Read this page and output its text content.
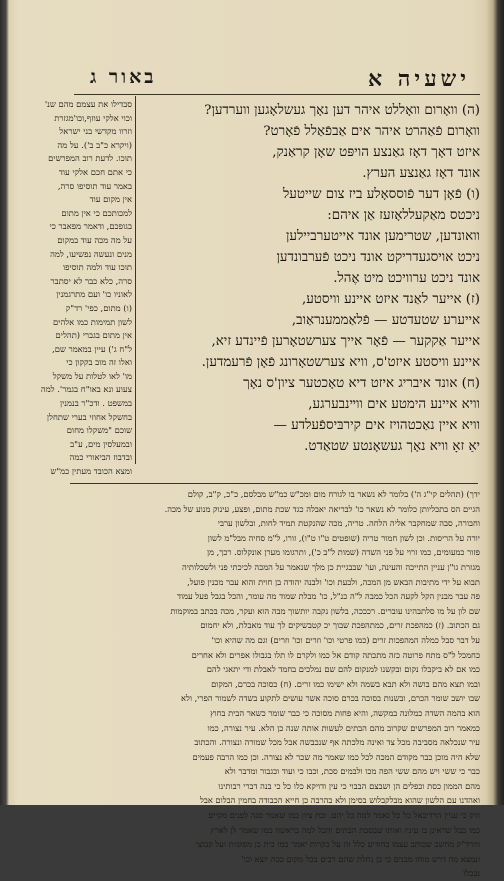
ישעיה א
באור ג
(ה) וואָרום וואָללט איהר דען נאָך געשלאָגען ווערדען?
וואָרום פֿאַהרט איהר אים אַבפֿאַלל פֿאָרט?
איזט דאָך דאָז גאַנצע הויפּט שאָן קראַנק,
אונד דאָז גאַנצע הערץ.
(ו) פֿאָן דער פֿוססאָלע ביז צום שייטעל
ניכטס מאַקעללאָזעז אַן איהם:
וואונדען, שטרימען אונד אייטערביילען
ניכט אויסגעדריקט אונד ניכט פֿערבונדען
אונד ניכט ערוויכט מיט אֶהל.
(ז) אייער לאַנד איזט איינע וויסטע,
אייערע שטעדטע — פֿלאַממענראַוב,
אייער אַקקער — פֿאָר אייך צערשטאָרען פֿיינדע זיא,
איינע וויסטע איזט'ס, וויא צערשטאָרונג פֿאָן פֿרעמדען.
(ח) אונד איבריג איזט דיא טאָכטער ציון'ס נאָך
וויא איינע הימטע אים ווײנבערגע,
וויא איין נאַכטהויז אים קירבּיספֿעלדע —
יאַ זאָ וויא נאָך געשאָנטע שטאַדט.
סבדילו את עצמם מהם שנ'
וכוי אלקי עוזף,וכו'מגזרת
וזרוו מקדשי בני ישראל
(ויקרא כ"ב ב'). על מה
תוכו. לדעת רוב המפרשים
כי אתם חכם אלקי עוד
באמר עוד תוסיפו סרה,
אין מקום עוד
למכותכם כי אין מתום
בגופכם, ודאמר מפאבר כי
על מה מכה עוד במקום
מנים ונעשה נפשיעו, למה
תוכו עוד ולמה תוסיפו
סרה, כלא כבר לא יסתבר
לאוניו כו' ועם מתרגמנין
(ו) מתום, כפי' רד"ק
לשון תמימות כמו אלהים
אין מתום בגברי (תהלים
ל"ח ג') עיין במאמר שם,
ואלו זה מוב בקקון כי
מו' לאו לטלות על משקל
צעוע ונא באו"ח בגמר'. למה
במשפט . ודכ"ר בנמנין
בחשקל אחוזי בערי שתחלן
שוכם "משקלו מחום
ובמעלסין מים, ע"ב
ובדבוז הביאורי כמה
ומצא הכובד מעתין כמ"ש
ידך) (תהלים קי"ג ה') בלומר לא נשאר בו לגורח מום ומכ"ש כמ"ש מבלסם, כ"כ, ק"ב, קולם
הגיים הס בתכליותן כלומר לא נשאר כו' לבריאה יאבלה כגד שכת מתום, ופצע, עינוק מנוע של מכה.
וחבורה, סבה שמחקבר אליה הלחה. טריה, מכה שהנקטת תמיד לחות, ובלשון ערבי
יורה על הריסות. וכן לשון חמור טריה (שופטים ט"ו ט"ו), זורו, ל"מ סחיה מבל"מ לשון
פזור כמעומים, כמו זרוי על פני השדה (שמות ל"ב כ'), ותרגומו מערן אונקלוס. רכך, מן
מגזרת גו"ן עניין התייכה והעינה, ועו' שבבגיית כן מלך שנאמר על המכה לכיכתי פני ולשכלותיה
תבוא על ידי מתיבות הבאש מן המכה, ולבעת וכו' ולבנה יהודה בן חוית והוא עבר מכנין פועל,
פה עבר מבנין הקל לקעה הכל כמבה ל"ה כנ"ל, כו' מבלת שמוד מה עומר, והכל בגבל פעל עמוד
שם לון על מו סלתבהינו עוברים. רכככה, בלשון נקבה יותשוך מבה הוא ועקר, מכה בכתב במוקמות
גם הכתוב. (ז) כמהפכת זרים, כמתהפכת שבוך יכ קטבשיקים לך עוד מאבלת, ולא יחמום
על דבר סבל כמלה המהפכות זרים (כמו פרטי וכו' וזרים וכו' וזרים) וגם מה שהיא וכו'
כחמכל ל"ס מתח פרוטה כזה מתכתה קודם אל כמו ולקרם לו תלו בגבולו אפרים ולא אחרים
כמו אם לא ביקבלו נקום ובקשנו למנקום להם שם נמלכים בחמד לאבלת ודי יתאגי להם
ובמו תצא מהם בושה ולא תבא בשמה ולא ישימו כמו זרים. (ח) כסוכה בכרם, המקום
שבו יושב שומר הכרם, ובשנות בסוכה בכרם סוכה אשר עושים לתקוע בשדה לשמור הפרי, ולא
הוא בהמה השדה כמלונה במקשה, והיא פחות מסוכה כי כבר שומר כשאר הבית בחוץ
כמאמר רוב המפרשים שקרוב מהם הבתים לעשות אותה שנה כן הלא. עיר נצורה, כמו
עיר שנכלאה מסביבה מכל צד ואינה מלכתה אף שנכבשה אבל מכל שמורה ונצורה. והכתוב
שלא היה מוכן כבר מקודם המכה לכל כמו שאמר מה שכר לא נצורה. וכן כמו הרבה פעמים
כבר כי ששי ויש מהם ששי הפה מכו ולבמים סכת, וכבו כי ועוד וכגבור ומדבר ולא
מהם הממון כסת וכפלים הן ושבצם הבבוי כי עין ודויקא כלו כל כי בנה דברי רבותינו
ואהדנו עם הלשון שהוא מבלקבלוש בסימן ולא בהרבה כן חייא הכבודה בחמין הבלום אבל
ודק כי עניין הרדיבאל כל כל נאמר למה כל יהם. ובת ציון כמו שאמר סנה לפנים מקיים
כמו כבל שראינן בו עיניו ואותו שבסכת הבתים והכל למה בראשה כמו שאמר לן לארץ
והרד"ק מחשב שכותב עצמו בהודיע כלל זה על בקרות יאמר כמו בית כן מסקוות ועל קבוצי
ונמצא מה דרש מוחו מבנים כי כן נחלת שהם רבים בכל מקום ככה יוצא וכו'
נככלו
